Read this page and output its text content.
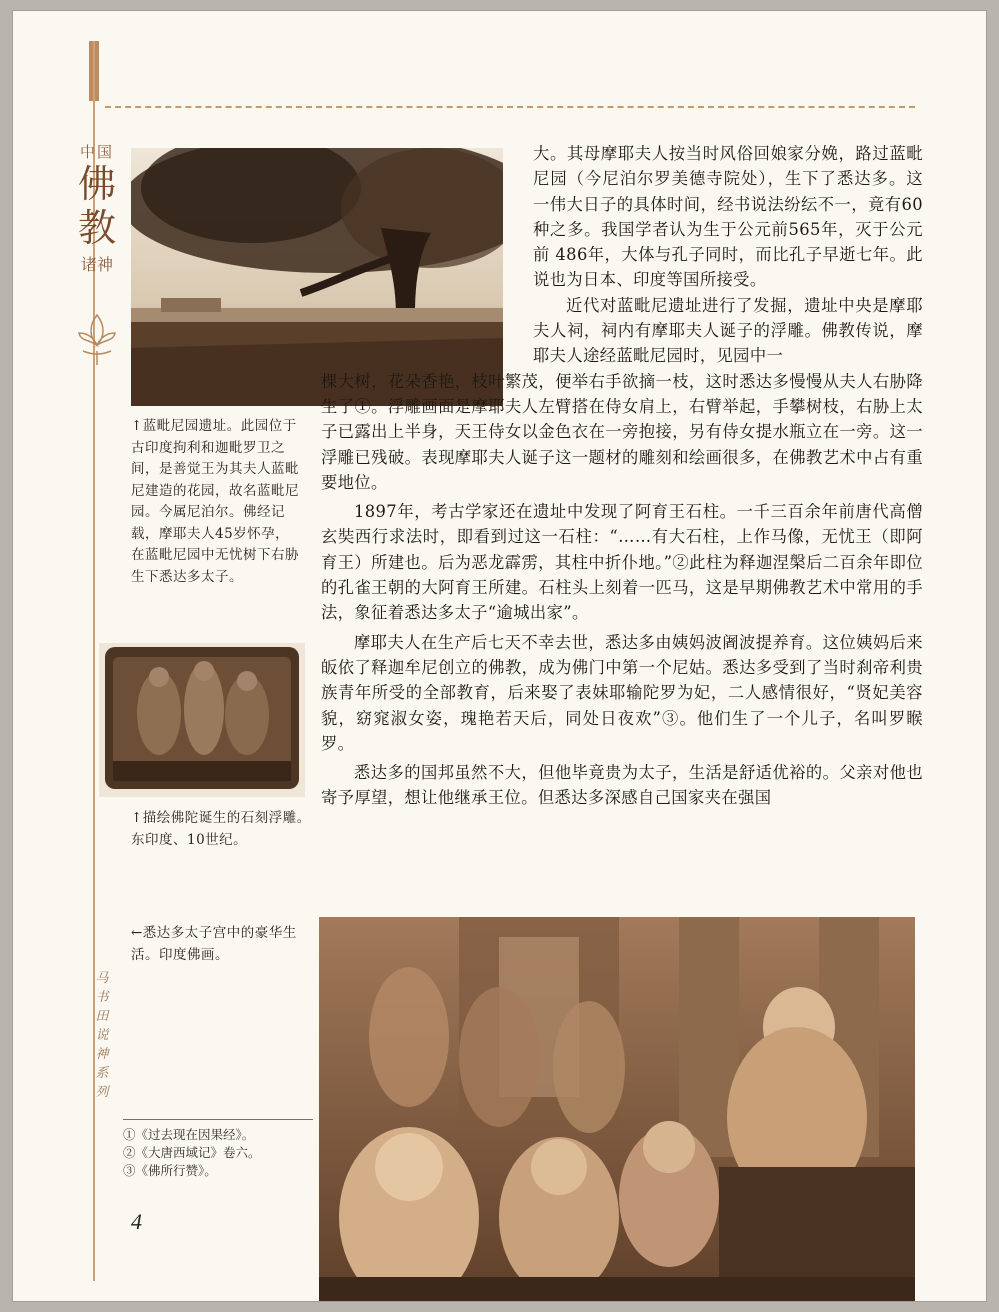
中国
佛
教
诸神
马书田说神系列
↑蓝毗尼园遗址。此园位于古印度拘利和迦毗罗卫之间，是善觉王为其夫人蓝毗尼建造的花园，故名蓝毗尼园。今属尼泊尔。佛经记载，摩耶夫人45岁怀孕，在蓝毗尼园中无忧树下右胁生下悉达多太子。
↑描绘佛陀诞生的石刻浮雕。东印度、10世纪。
←悉达多太子宫中的豪华生活。印度佛画。

大。其母摩耶夫人按当时风俗回娘家分娩，路过蓝毗尼园（今尼泊尔罗美德寺院处），生下了悉达多。这一伟大日子的具体时间，经书说法纷纭不一，竟有60种之多。我国学者认为生于公元前565年，灭于公元前 486年，大体与孔子同时，而比孔子早逝七年。此说也为日本、印度等国所接受。

近代对蓝毗尼遗址进行了发掘，遗址中央是摩耶夫人祠，祠内有摩耶夫人诞子的浮雕。佛教传说，摩耶夫人途经蓝毗尼园时，见园中一

棵大树，花朵香艳，枝叶繁茂，便举右手欲摘一枝，这时悉达多慢慢从夫人右胁降生了①。浮雕画面是摩耶夫人左臂搭在侍女肩上，右臂举起，手攀树枝，右胁上太子已露出上半身，天王侍女以金色衣在一旁抱接，另有侍女提水瓶立在一旁。这一浮雕已残破。表现摩耶夫人诞子这一题材的雕刻和绘画很多，在佛教艺术中占有重要地位。

1897年，考古学家还在遗址中发现了阿育王石柱。一千三百余年前唐代高僧玄奘西行求法时，即看到过这一石柱：“……有大石柱，上作马像，无忧王（即阿育王）所建也。后为恶龙霹雳，其柱中折仆地。”②此柱为释迦涅槃后二百余年即位的孔雀王朝的大阿育王所建。石柱头上刻着一匹马，这是早期佛教艺术中常用的手法，象征着悉达多太子“逾城出家”。

摩耶夫人在生产后七天不幸去世，悉达多由姨妈波阇波提养育。这位姨妈后来皈依了释迦牟尼创立的佛教，成为佛门中第一个尼姑。悉达多受到了当时刹帝利贵族青年所受的全部教育，后来娶了表妹耶输陀罗为妃，二人感情很好，“贤妃美容貌，窈窕淑女姿，瑰艳若天后，同处日夜欢”③。他们生了一个儿子，名叫罗睺罗。

悉达多的国邦虽然不大，但他毕竟贵为太子，生活是舒适优裕的。父亲对他也寄予厚望，想让他继承王位。但悉达多深感自己国家夹在强国

①《过去现在因果经》。
②《大唐西域记》卷六。
③《佛所行赞》。
4
